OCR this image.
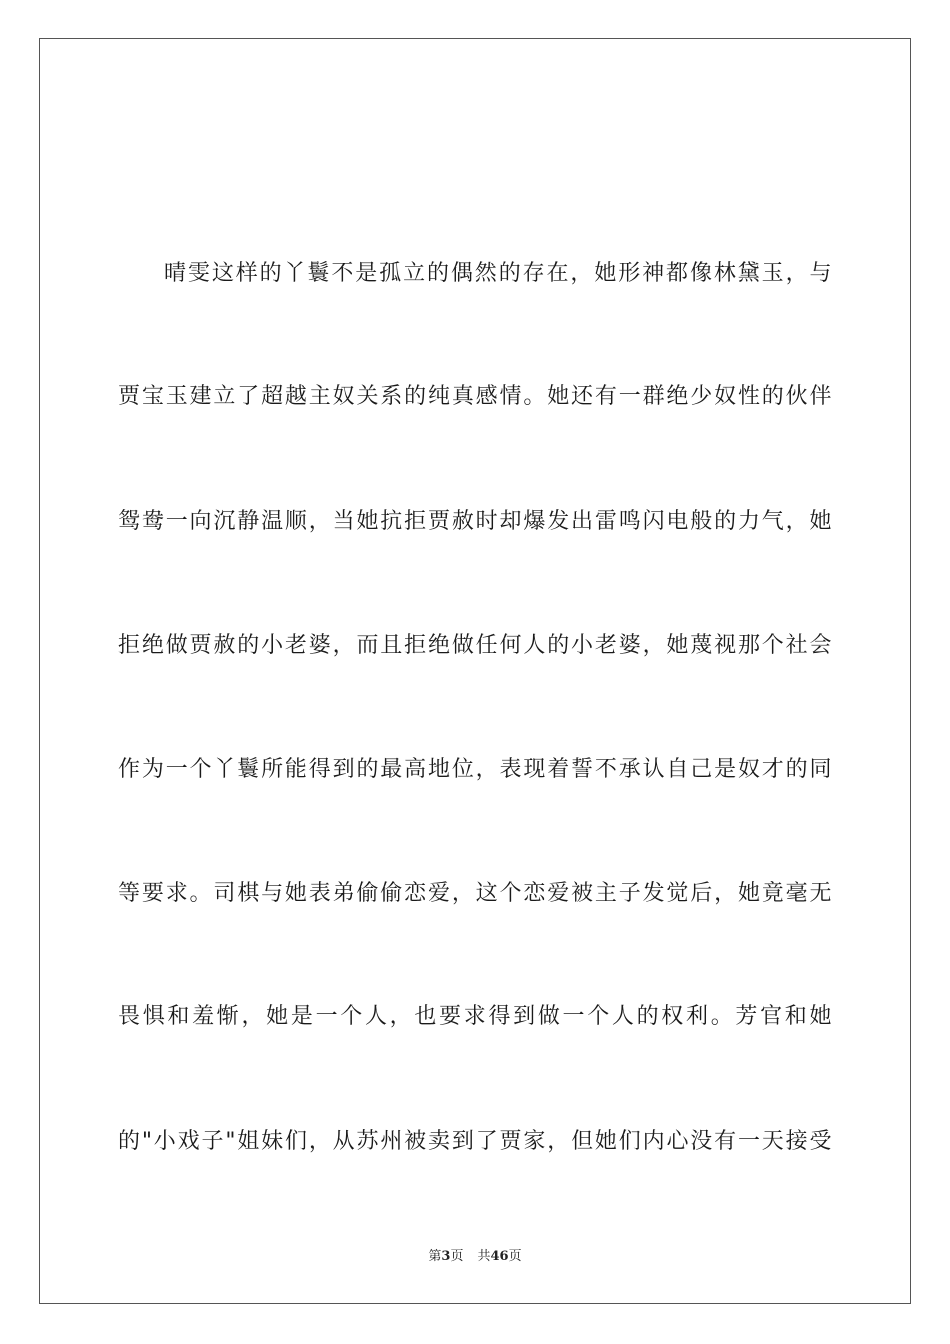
晴雯这样的丫鬟不是孤立的偶然的存在，她形神都像林黛玉，与
贾宝玉建立了超越主奴关系的纯真感情。她还有一群绝少奴性的伙伴
鸳鸯一向沉静温顺，当她抗拒贾赦时却爆发出雷鸣闪电般的力气，她
拒绝做贾赦的小老婆，而且拒绝做任何人的小老婆，她蔑视那个社会
作为一个丫鬟所能得到的最高地位，表现着誓不承认自己是奴才的同
等要求。司棋与她表弟偷偷恋爱，这个恋爱被主子发觉后，她竟毫无
畏惧和羞惭，她是一个人，也要求得到做一个人的权利。芳官和她
的"小戏子"姐妹们，从苏州被卖到了贾家，但她们内心没有一天接受
第3页 共46页
